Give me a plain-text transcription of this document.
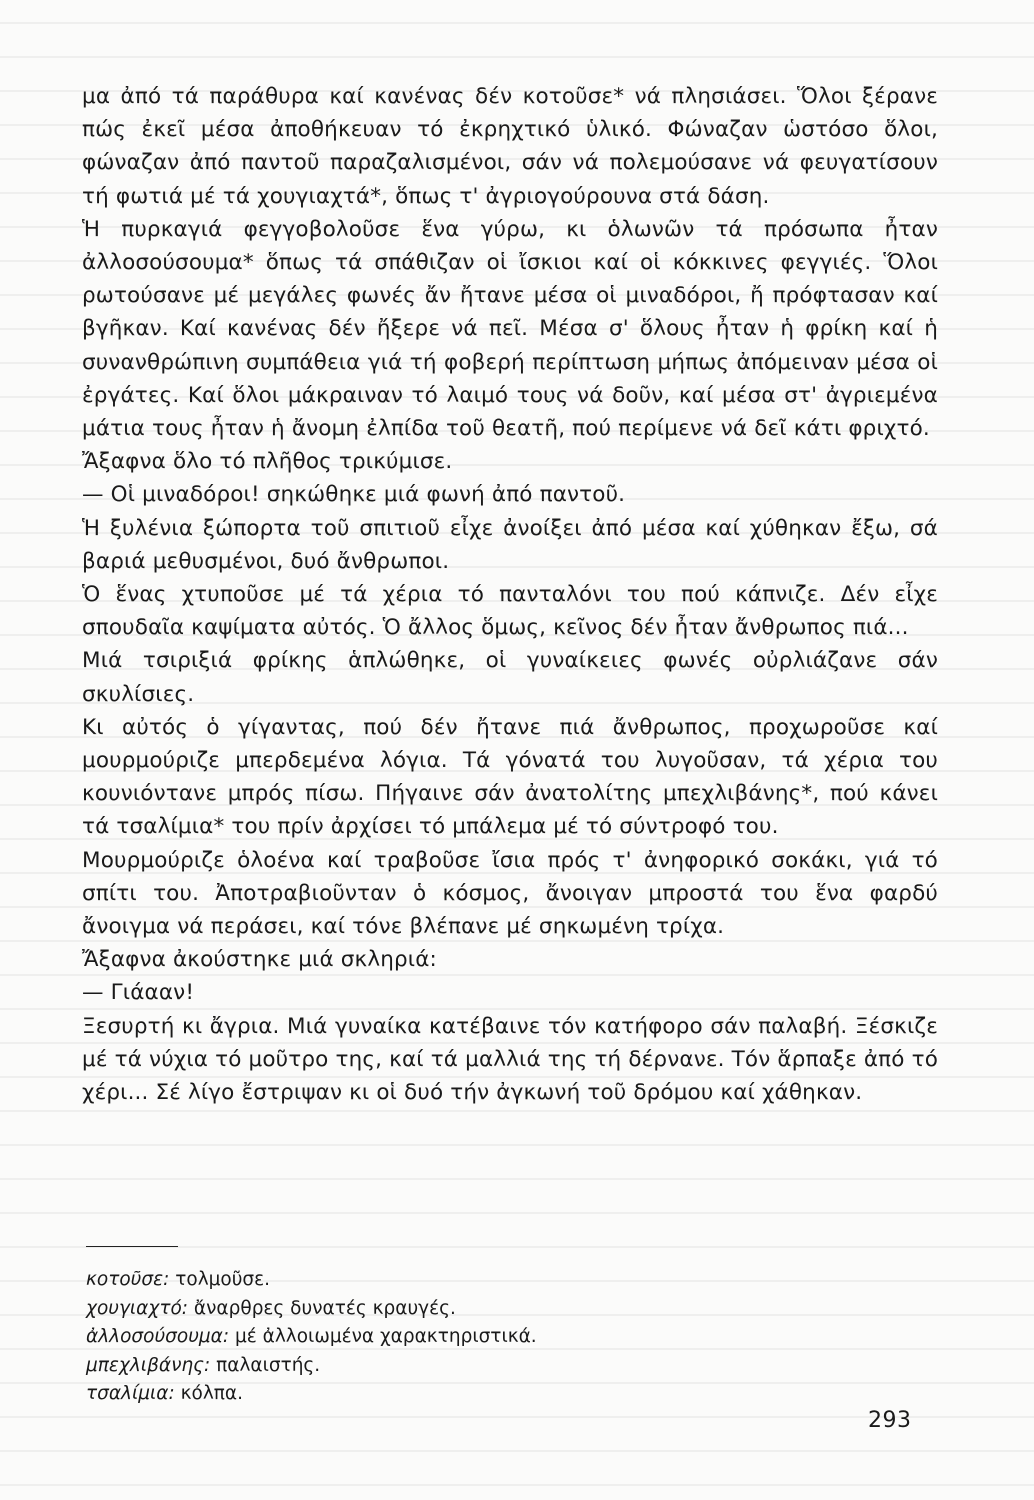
μα ἀπό τά παράθυρα καί κανένας δέν κοτοῦσε* νά πλησιάσει. Ὅλοι ξέρανε πώς ἐκεῖ μέσα ἀποθήκευαν τό ἐκρηχτικό ὑλικό. Φώναζαν ὡστόσο ὅλοι, φώναζαν ἀπό παντοῦ παραζαλισμένοι, σάν νά πολεμούσανε νά φευγατίσουν τή φωτιά μέ τά χουγιαχτά*, ὅπως τ' ἀγριογούρουνα στά δάση.

Ἡ πυρκαγιά φεγγοβολοῦσε ἕνα γύρω, κι ὁλωνῶν τά πρόσωπα ἦταν ἀλλοσούσουμα* ὅπως τά σπάθιζαν οἱ ἴσκιοι καί οἱ κόκκινες φεγγιές. Ὅλοι ρωτούσανε μέ μεγάλες φωνές ἄν ἤτανε μέσα οἱ μιναδόροι, ἤ πρόφτασαν καί βγῆκαν. Καί κανένας δέν ἤξερε νά πεῖ. Μέσα σ' ὅλους ἦταν ἡ φρίκη καί ἡ συνανθρώπινη συμπάθεια γιά τή φοβερή περίπτωση μήπως ἀπόμειναν μέσα οἱ ἐργάτες. Καί ὅλοι μάκραιναν τό λαιμό τους νά δοῦν, καί μέσα στ' ἀγριεμένα μάτια τους ἦταν ἡ ἄνομη ἐλπίδα τοῦ θεατῆ, πού περίμενε νά δεῖ κάτι φριχτό.

Ἄξαφνα ὅλο τό πλῆθος τρικύμισε.

— Οἱ μιναδόροι! σηκώθηκε μιά φωνή ἀπό παντοῦ.

Ἡ ξυλένια ξώπορτα τοῦ σπιτιοῦ εἶχε ἀνοίξει ἀπό μέσα καί χύθηκαν ἔξω, σά βαριά μεθυσμένοι, δυό ἄνθρωποι.

Ὁ ἕνας χτυποῦσε μέ τά χέρια τό πανταλόνι του πού κάπνιζε. Δέν εἶχε σπουδαῖα καψίματα αὐτός. Ὁ ἄλλος ὅμως, κεῖνος δέν ἦταν ἄνθρωπος πιά...

Μιά τσιριξιά φρίκης ἁπλώθηκε, οἱ γυναίκειες φωνές οὐρλιάζανε σάν σκυλίσιες.

Κι αὐτός ὁ γίγαντας, πού δέν ἤτανε πιά ἄνθρωπος, προχωροῦσε καί μουρμούριζε μπερδεμένα λόγια. Τά γόνατά του λυγοῦσαν, τά χέρια του κουνιόντανε μπρός πίσω. Πήγαινε σάν ἀνατολίτης μπεχλιβάνης*, πού κάνει τά τσαλίμια* του πρίν ἀρχίσει τό μπάλεμα μέ τό σύντροφό του.

Μουρμούριζε ὁλοένα καί τραβοῦσε ἴσια πρός τ' ἀνηφορικό σοκάκι, γιά τό σπίτι του. Ἀποτραβιοῦνταν ὁ κόσμος, ἄνοιγαν μπροστά του ἕνα φαρδύ ἄνοιγμα νά περάσει, καί τόνε βλέπανε μέ σηκωμένη τρίχα.

Ἄξαφνα ἀκούστηκε μιά σκληριά:

— Γιάααν!

Ξεσυρτή κι ἄγρια. Μιά γυναίκα κατέβαινε τόν κατήφορο σάν παλαβή. Ξέσκιζε μέ τά νύχια τό μοῦτρο της, καί τά μαλλιά της τή δέρνανε. Τόν ἅρπαξε ἀπό τό χέρι... Σέ λίγο ἔστριψαν κι οἱ δυό τήν ἀγκωνή τοῦ δρόμου καί χάθηκαν.

κοτοῦσε: τολμοῦσε.

χουγιαχτό: ἄναρθρες δυνατές κραυγές.

ἀλλοσούσουμα: μέ ἀλλοιωμένα χαρακτηριστικά.

μπεχλιβάνης: παλαιστής.

τσαλίμια: κόλπα.

293
